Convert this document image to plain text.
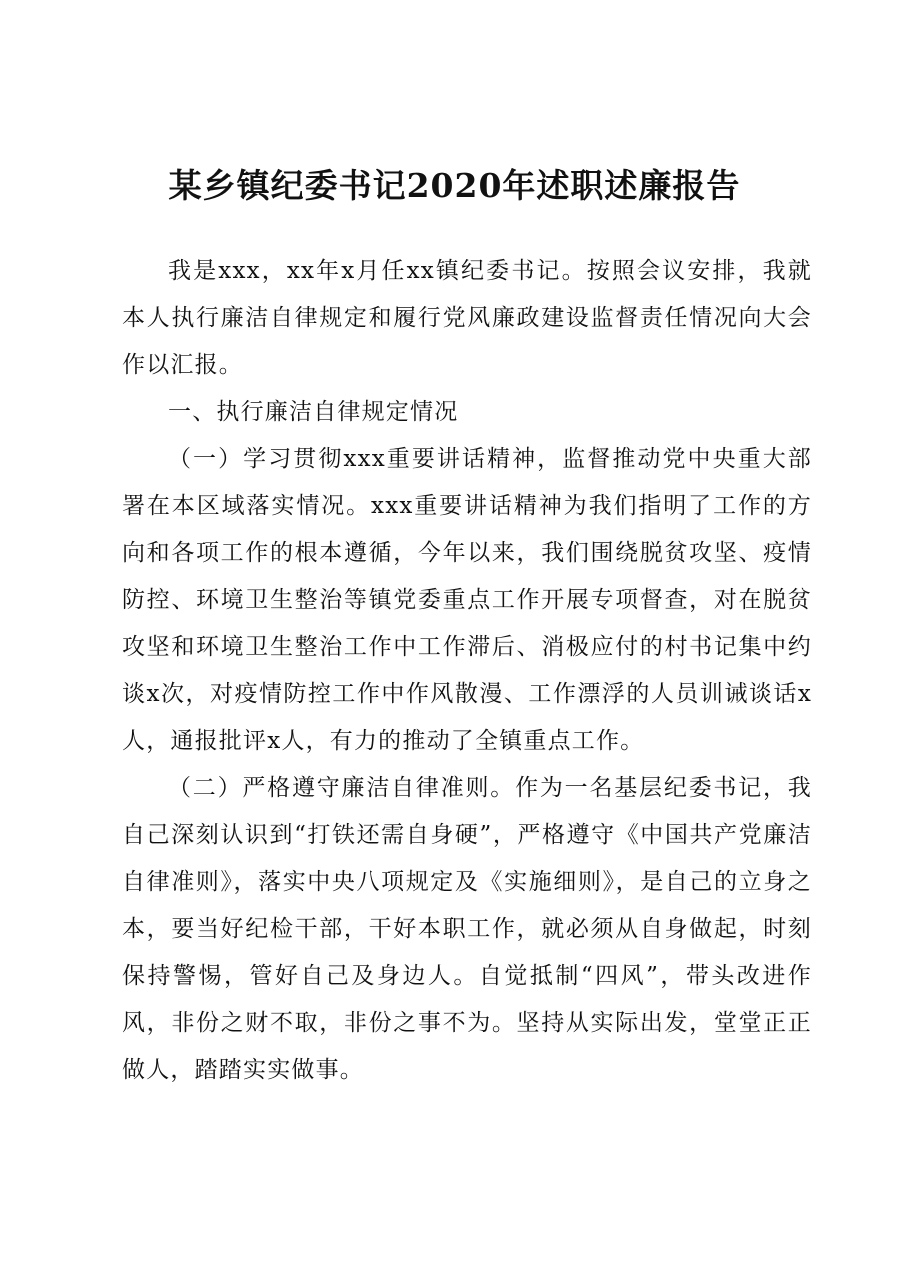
某乡镇纪委书记2020年述职述廉报告

我是xxx，xx年x月任xx镇纪委书记。按照会议安排，我就本人执行廉洁自律规定和履行党风廉政建设监督责任情况向大会作以汇报。

一、执行廉洁自律规定情况

（一）学习贯彻xxx重要讲话精神，监督推动党中央重大部署在本区域落实情况。xxx重要讲话精神为我们指明了工作的方向和各项工作的根本遵循，今年以来，我们围绕脱贫攻坚、疫情防控、环境卫生整治等镇党委重点工作开展专项督查，对在脱贫攻坚和环境卫生整治工作中工作滞后、消极应付的村书记集中约谈x次，对疫情防控工作中作风散漫、工作漂浮的人员训诫谈话x人，通报批评x人，有力的推动了全镇重点工作。

（二）严格遵守廉洁自律准则。作为一名基层纪委书记，我自己深刻认识到“打铁还需自身硬”，严格遵守《中国共产党廉洁自律准则》，落实中央八项规定及《实施细则》，是自己的立身之本，要当好纪检干部，干好本职工作，就必须从自身做起，时刻保持警惕，管好自己及身边人。自觉抵制“四风”，带头改进作风，非份之财不取，非份之事不为。坚持从实际出发，堂堂正正做人，踏踏实实做事。
